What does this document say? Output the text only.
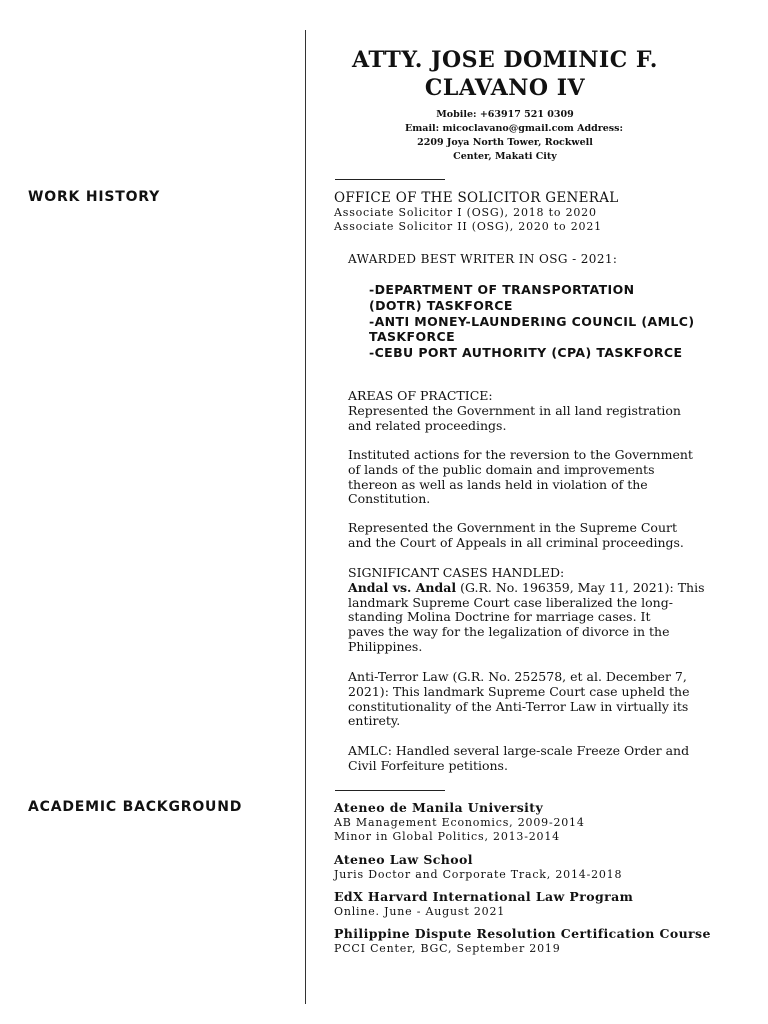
ATTY. JOSE DOMINIC F.
CLAVANO IV
Mobile: +63917 521 0309
Email: micoclavano@gmail.com Address:
2209 Joya North Tower, Rockwell
Center, Makati City
WORK HISTORY
ACADEMIC BACKGROUND
OFFICE OF THE SOLICITOR GENERAL
Associate Solicitor I (OSG), 2018 to 2020
Associate Solicitor II (OSG), 2020 to 2021
AWARDED BEST WRITER IN OSG - 2021:
-DEPARTMENT OF TRANSPORTATION
(DOTR) TASKFORCE
-ANTI MONEY-LAUNDERING COUNCIL (AMLC)
TASKFORCE
-CEBU PORT AUTHORITY (CPA) TASKFORCE
AREAS OF PRACTICE:
Represented the Government in all land registration
and related proceedings.
Instituted actions for the reversion to the Government
of lands of the public domain and improvements
thereon as well as lands held in violation of the
Constitution.
Represented the Government in the Supreme Court
and the Court of Appeals in all criminal proceedings.
SIGNIFICANT CASES HANDLED:
Andal vs. Andal (G.R. No. 196359, May 11, 2021): This
landmark Supreme Court case liberalized the long-
standing Molina Doctrine for marriage cases. It
paves the way for the legalization of divorce in the
Philippines.
Anti-Terror Law (G.R. No. 252578, et al. December 7,
2021): This landmark Supreme Court case upheld the
constitutionality of the Anti-Terror Law in virtually its
entirety.
AMLC: Handled several large-scale Freeze Order and
Civil Forfeiture petitions.
Ateneo de Manila University
AB Management Economics, 2009-2014
Minor in Global Politics, 2013-2014
Ateneo Law School
Juris Doctor and Corporate Track, 2014-2018
EdX Harvard International Law Program
Online. June - August 2021
Philippine Dispute Resolution Certification Course
PCCI Center, BGC, September 2019
